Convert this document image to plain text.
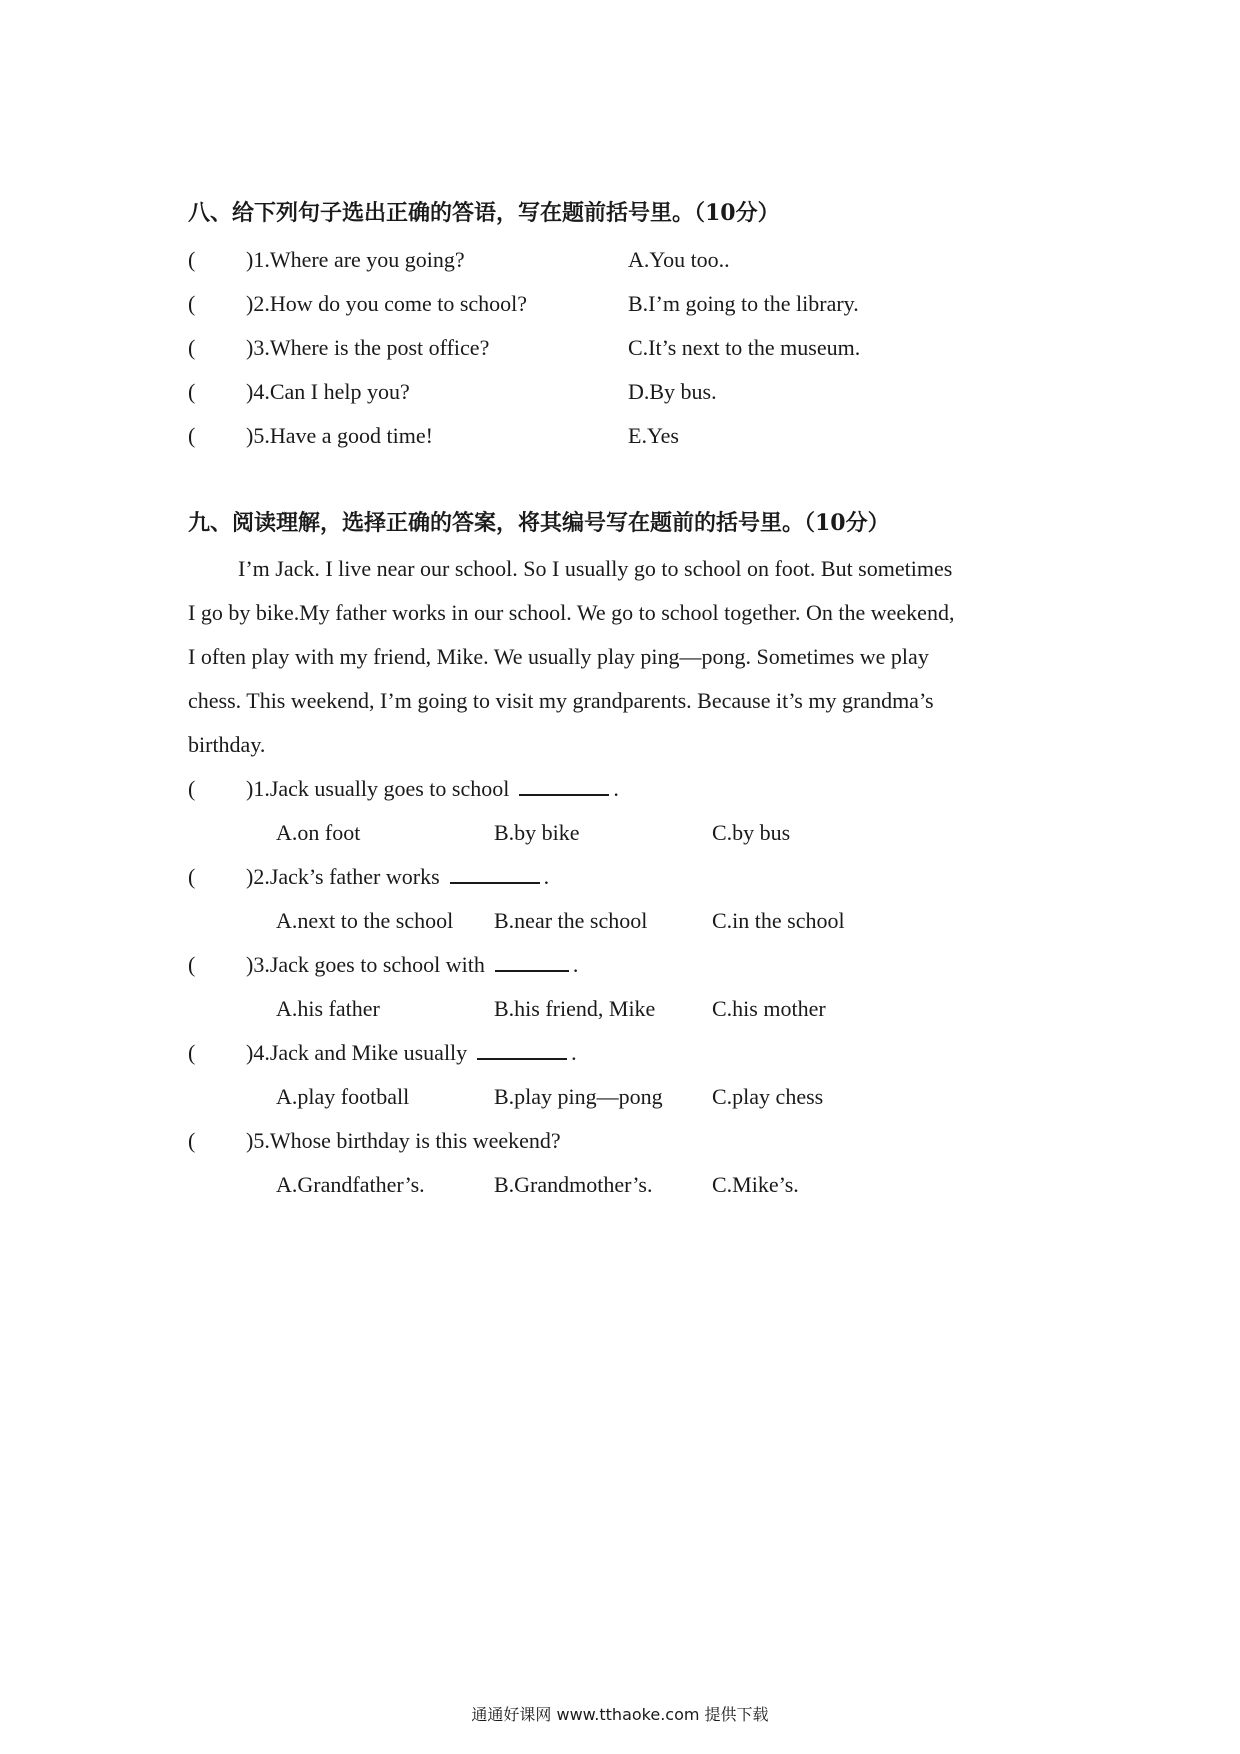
八、给下列句子选出正确的答语，写在题前括号里。（10分）
( )1.Where are you going?	A.You too..
( )2.How do you come to school?	B.I’m going to the library.
( )3.Where is the post office?	C.It’s next to the museum.
( )4.Can I help you?	D.By bus.
( )5.Have a good time!	E.Yes
九、阅读理解，选择正确的答案，将其编号写在题前的括号里。（10分）
I’m Jack. I live near our school. So I usually go to school on foot. But sometimes
I go by bike.My father works in our school. We go to school together. On the weekend,
I often play with my friend, Mike. We usually play ping—pong. Sometimes we play
chess. This weekend, I’m going to visit my grandparents. Because it’s my grandma’s
birthday.
( )1.Jack usually goes to school	.
A.on foot	B.by bike	C.by bus
( )2.Jack’s father works	.
A.next to the school B.near the school	C.in the school
( )3.Jack goes to school with	.
A.his father	B.his friend, Mike	C.his mother
( )4.Jack and Mike usually	.
A.play football	B.play ping—pong C.play chess
( )5.Whose birthday is this weekend?
A.Grandfather’s.	B.Grandmother’s.	C.Mike’s.
通通好课网 www.tthaoke.com 提供下载
